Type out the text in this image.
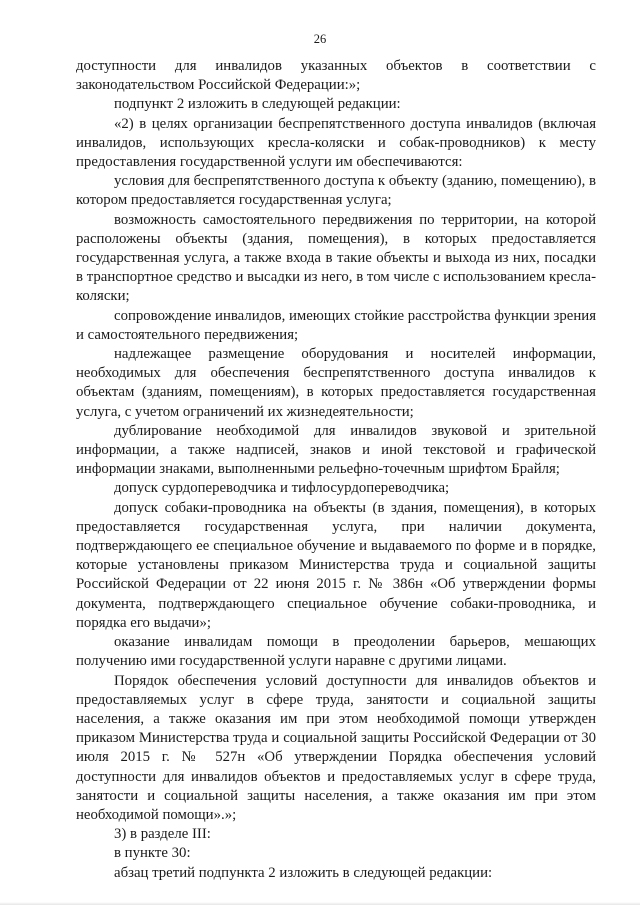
26

доступности для инвалидов указанных объектов в соответствии с законодательством Российской Федерации:»;

подпункт 2 изложить в следующей редакции:

«2) в целях организации беспрепятственного доступа инвалидов (включая инвалидов, использующих кресла-коляски и собак-проводников) к месту предоставления государственной услуги им обеспечиваются:

условия для беспрепятственного доступа к объекту (зданию, помещению), в котором предоставляется государственная услуга;

возможность самостоятельного передвижения по территории, на которой расположены объекты (здания, помещения), в которых предоставляется государственная услуга, а также входа в такие объекты и выхода из них, посадки в транспортное средство и высадки из него, в том числе с использованием кресла-коляски;

сопровождение инвалидов, имеющих стойкие расстройства функции зрения и самостоятельного передвижения;

надлежащее размещение оборудования и носителей информации, необходимых для обеспечения беспрепятственного доступа инвалидов к объектам (зданиям, помещениям), в которых предоставляется государственная услуга, с учетом ограничений их жизнедеятельности;

дублирование необходимой для инвалидов звуковой и зрительной информации, а также надписей, знаков и иной текстовой и графической информации знаками, выполненными рельефно-точечным шрифтом Брайля;

допуск сурдопереводчика и тифлосурдопереводчика;

допуск собаки-проводника на объекты (в здания, помещения), в которых предоставляется государственная услуга, при наличии документа, подтверждающего ее специальное обучение и выдаваемого по форме и в порядке, которые установлены приказом Министерства труда и социальной защиты Российской Федерации от 22 июня 2015 г. № 386н «Об утверждении формы документа, подтверждающего специальное обучение собаки-проводника, и порядка его выдачи»;

оказание инвалидам помощи в преодолении барьеров, мешающих получению ими государственной услуги наравне с другими лицами.

Порядок обеспечения условий доступности для инвалидов объектов и предоставляемых услуг в сфере труда, занятости и социальной защиты населения, а также оказания им при этом необходимой помощи утвержден приказом Министерства труда и социальной защиты Российской Федерации от 30 июля 2015 г. № 527н «Об утверждении Порядка обеспечения условий доступности для инвалидов объектов и предоставляемых услуг в сфере труда, занятости и социальной защиты населения, а также оказания им при этом необходимой помощи».»;

3) в разделе III:

в пункте 30:

абзац третий подпункта 2 изложить в следующей редакции:
